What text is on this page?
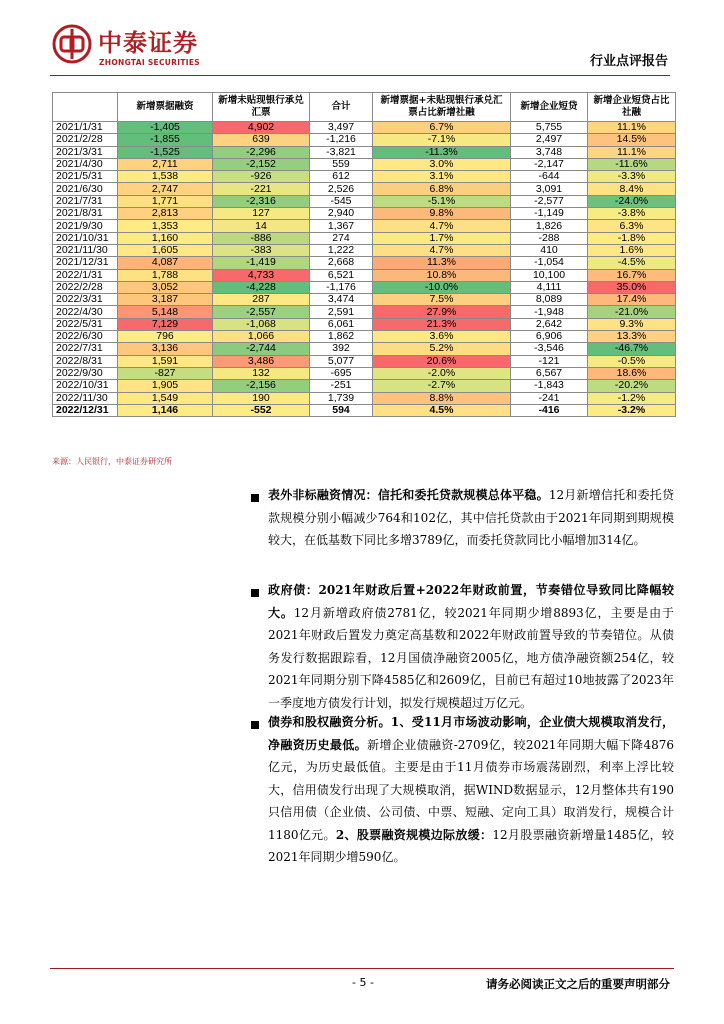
中泰证券
ZHONGTAI SECURITIES	行业点评报告
	新增票据融资	新增未贴现银行承兑汇票	合计	新增票据+未贴现银行承兑汇票占比新增社融	新增企业短贷	新增企业短贷占比社融
2021/1/31	-1,405	4,902	3,497	6.7%	5,755	11.1%
2021/2/28	-1,855	639	-1,216	-7.1%	2,497	14.5%
2021/3/31	-1,525	-2,296	-3,821	-11.3%	3,748	11.1%
2021/4/30	2,711	-2,152	559	3.0%	-2,147	-11.6%
2021/5/31	1,538	-926	612	3.1%	-644	-3.3%
2021/6/30	2,747	-221	2,526	6.8%	3,091	8.4%
2021/7/31	1,771	-2,316	-545	-5.1%	-2,577	-24.0%
2021/8/31	2,813	127	2,940	9.8%	-1,149	-3.8%
2021/9/30	1,353	14	1,367	4.7%	1,826	6.3%
2021/10/31	1,160	-886	274	1.7%	-288	-1.8%
2021/11/30	1,605	-383	1,222	4.7%	410	1.6%
2021/12/31	4,087	-1,419	2,668	11.3%	-1,054	-4.5%
2022/1/31	1,788	4,733	6,521	10.8%	10,100	16.7%
2022/2/28	3,052	-4,228	-1,176	-10.0%	4,111	35.0%
2022/3/31	3,187	287	3,474	7.5%	8,089	17.4%
2022/4/30	5,148	-2,557	2,591	27.9%	-1,948	-21.0%
2022/5/31	7,129	-1,068	6,061	21.3%	2,642	9.3%
2022/6/30	796	1,066	1,862	3.6%	6,906	13.3%
2022/7/31	3,136	-2,744	392	5.2%	-3,546	-46.7%
2022/8/31	1,591	3,486	5,077	20.6%	-121	-0.5%
2022/9/30	-827	132	-695	-2.0%	6,567	18.6%
2022/10/31	1,905	-2,156	-251	-2.7%	-1,843	-20.2%
2022/11/30	1,549	190	1,739	8.8%	-241	-1.2%
2022/12/31	1,146	-552	594	4.5%	-416	-3.2%
来源：人民银行，中泰证券研究所
表外非标融资情况：信托和委托贷款规模总体平稳。12月新增信托和委托贷款规模分别小幅减少764和102亿，其中信托贷款由于2021年同期到期规模较大，在低基数下同比多增3789亿，而委托贷款同比小幅增加314亿。
政府债：2021年财政后置+2022年财政前置，节奏错位导致同比降幅较大。12月新增政府债2781亿，较2021年同期少增8893亿，主要是由于2021年财政后置发力奠定高基数和2022年财政前置导致的节奏错位。从债务发行数据跟踪看，12月国债净融资2005亿，地方债净融资额254亿，较2021年同期分别下降4585亿和2609亿，目前已有超过10地披露了2023年一季度地方债发行计划，拟发行规模超过万亿元。
债券和股权融资分析。1、受11月市场波动影响，企业债大规模取消发行，净融资历史最低。新增企业债融资-2709亿，较2021年同期大幅下降4876亿元，为历史最低值。主要是由于11月债券市场震荡剧烈，利率上浮比较大，信用债发行出现了大规模取消，据WIND数据显示，12月整体共有190只信用债（企业债、公司债、中票、短融、定向工具）取消发行，规模合计1180亿元。2、股票融资规模边际放缓：12月股票融资新增量1485亿，较2021年同期少增590亿。
- 5 -	请务必阅读正文之后的重要声明部分
